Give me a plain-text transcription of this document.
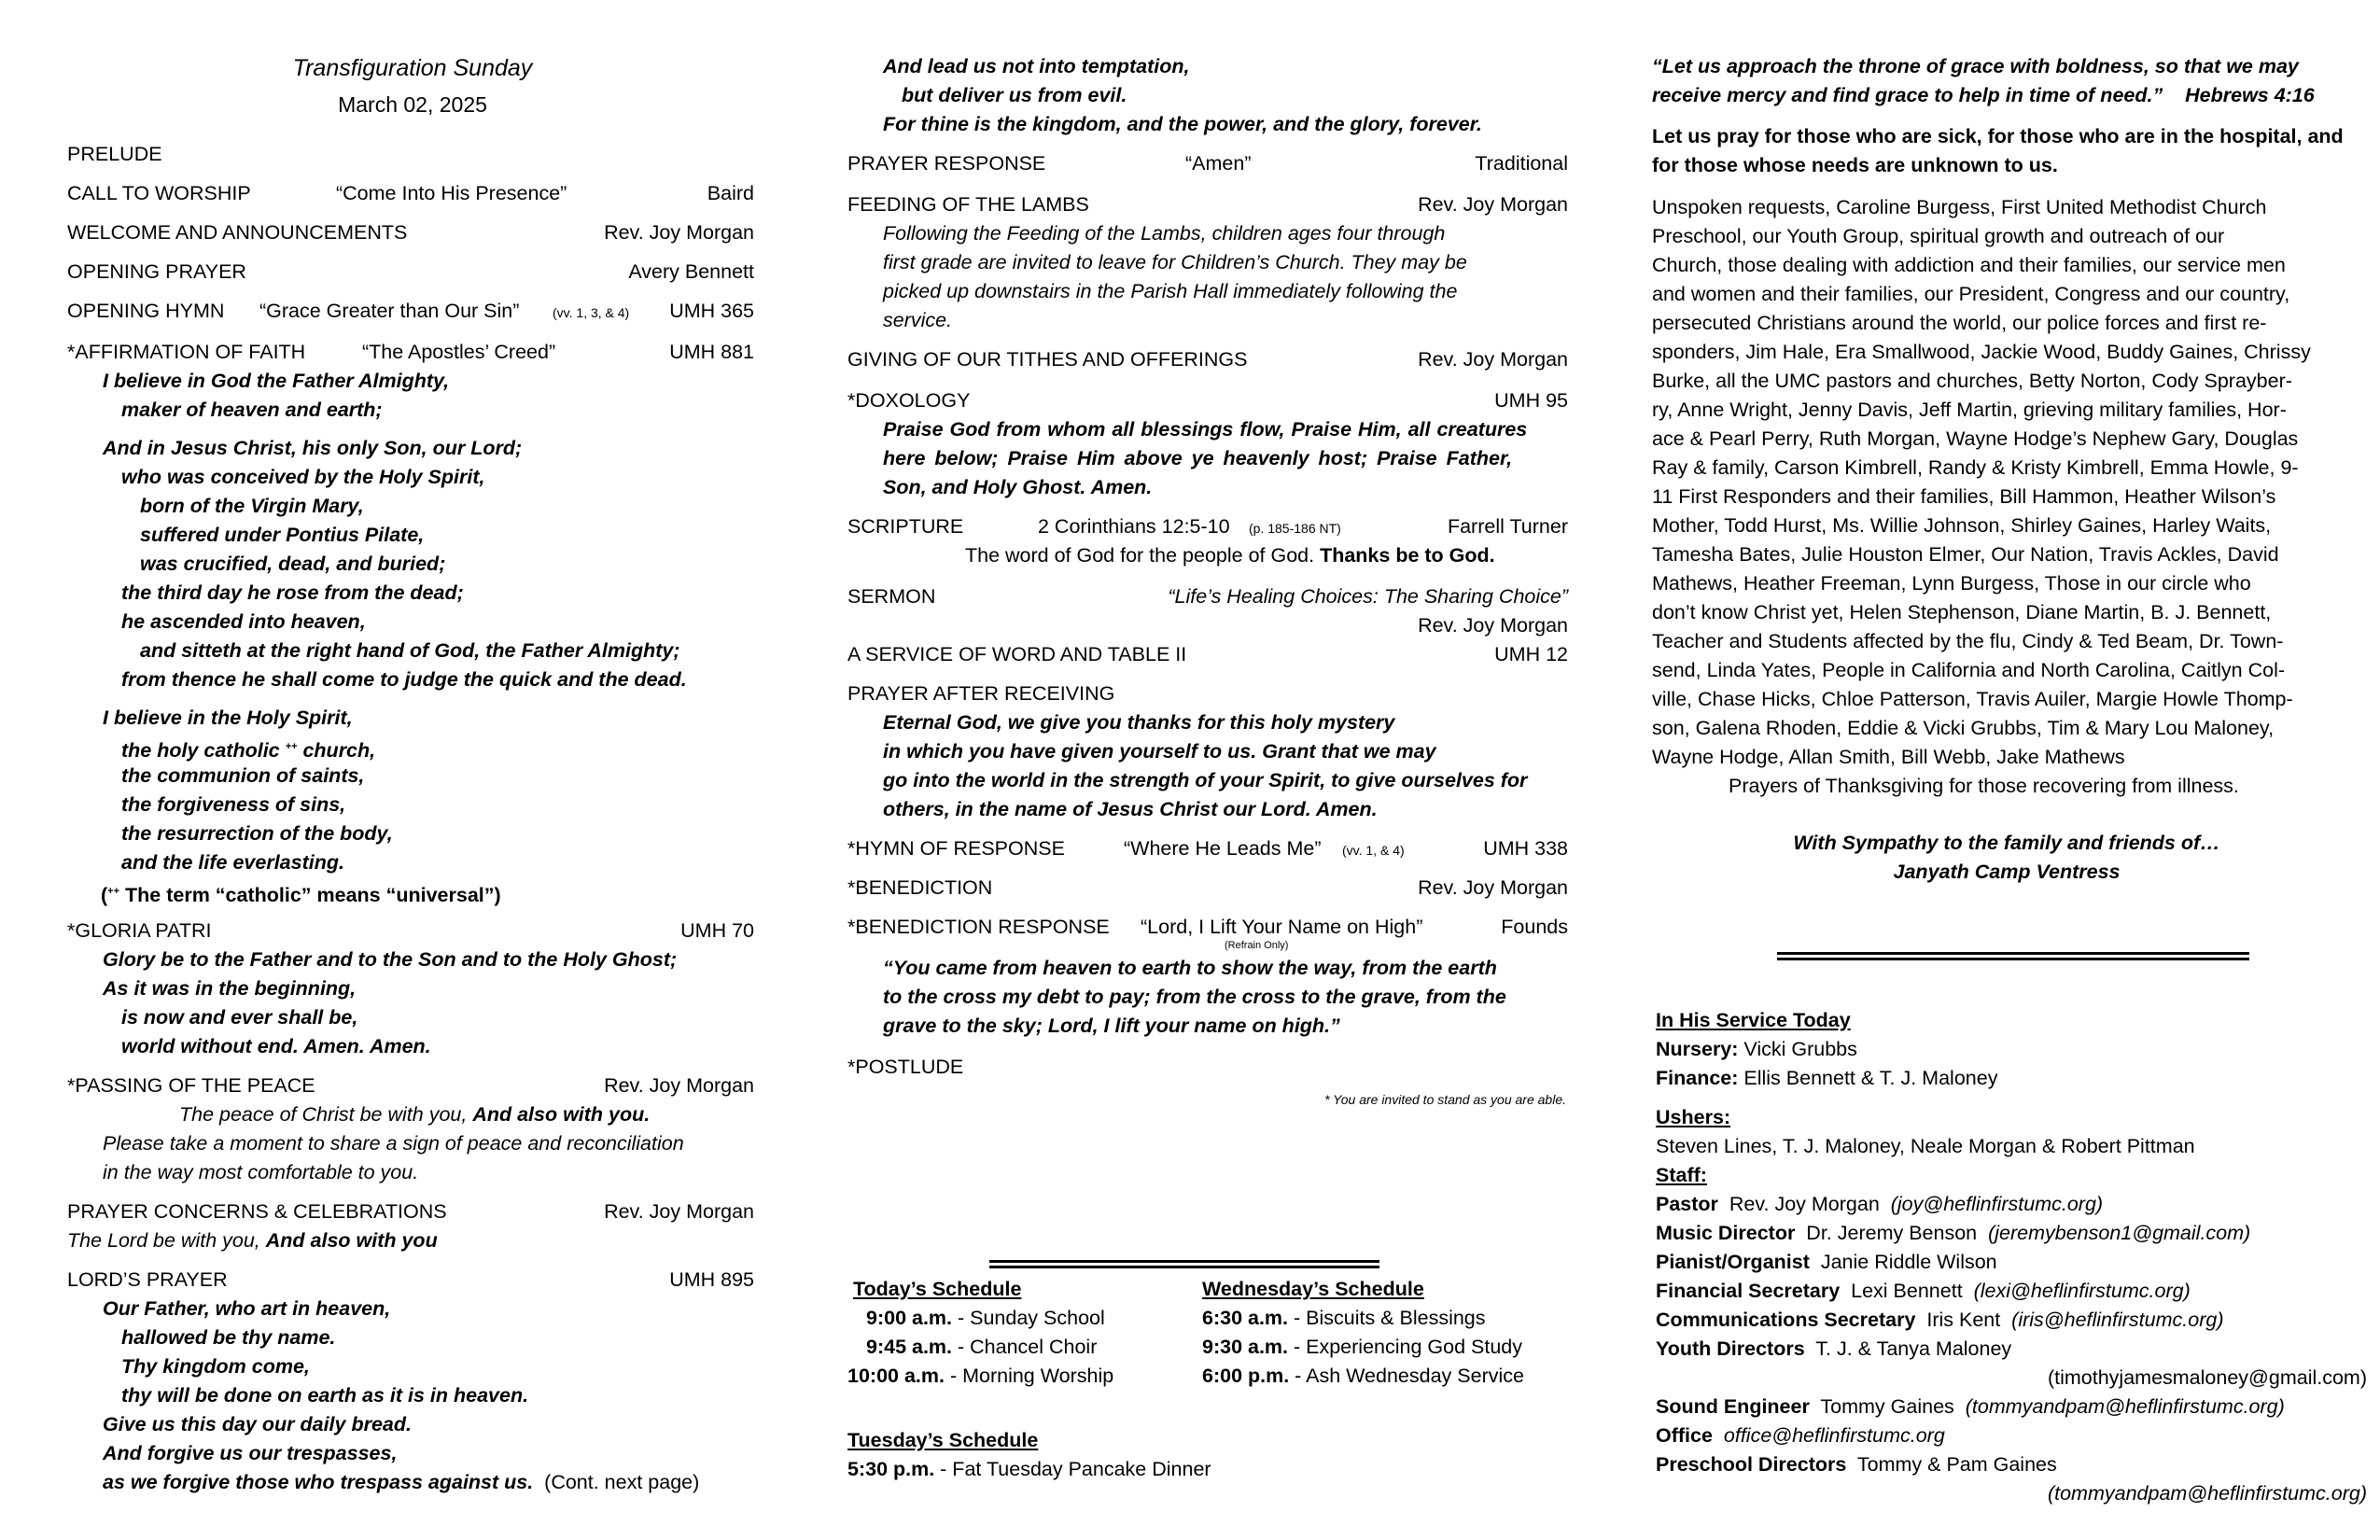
Transfiguration Sunday
March 02, 2025
PRELUDE
CALL TO WORSHIP	“Come Into His Presence”	Baird
WELCOME AND ANNOUNCEMENTS	Rev. Joy Morgan
OPENING PRAYER	Avery Bennett
OPENING HYMN “Grace Greater than Our Sin”	(vv. 1, 3, & 4) UMH 365
*AFFIRMATION OF FAITH	“The Apostles’ Creed”	UMH 881
I believe in God the Father Almighty,
maker of heaven and earth;
And in Jesus Christ, his only Son, our Lord;
who was conceived by the Holy Spirit,
born of the Virgin Mary,
suffered under Pontius Pilate,
was crucified, dead, and buried;
the third day he rose from the dead;
he ascended into heaven,
and sitteth at the right hand of God, the Father Almighty;
from thence he shall come to judge the quick and the dead.
I believe in the Holy Spirit,
the holy catholic ++ church,
the communion of saints,
the forgiveness of sins,
the resurrection of the body,
and the life everlasting.
(++ The term “catholic” means “universal”)
*GLORIA PATRI	UMH 70
Glory be to the Father and to the Son and to the Holy Ghost;
As it was in the beginning,
is now and ever shall be,
world without end. Amen. Amen.
*PASSING OF THE PEACE	Rev. Joy Morgan
The peace of Christ be with you, And also with you.
Please take a moment to share a sign of peace and reconciliation
in the way most comfortable to you.
PRAYER CONCERNS & CELEBRATIONS	Rev. Joy Morgan
The Lord be with you, And also with you
LORD’S PRAYER	UMH 895
Our Father, who art in heaven,
hallowed be thy name.
Thy kingdom come,
thy will be done on earth as it is in heaven.
Give us this day our daily bread.
And forgive us our trespasses,
as we forgive those who trespass against us. (Cont. next page)
And lead us not into temptation,
but deliver us from evil.
For thine is the kingdom, and the power, and the glory, forever.
PRAYER RESPONSE	“Amen”	Traditional
FEEDING OF THE LAMBS	Rev. Joy Morgan
Following the Feeding of the Lambs, children ages four through
first grade are invited to leave for Children’s Church. They may be
picked up downstairs in the Parish Hall immediately following the
service.
GIVING OF OUR TITHES AND OFFERINGS	Rev. Joy Morgan
*DOXOLOGY	UMH 95
Praise God from whom all blessings flow, Praise Him, all creatures
here below; Praise Him above ye heavenly host; Praise Father,
Son, and Holy Ghost. Amen.
SCRIPTURE	2 Corinthians 12:5-10 (p. 185-186 NT)	Farrell Turner
The word of God for the people of God. Thanks be to God.
SERMON	“Life’s Healing Choices: The Sharing Choice”
Rev. Joy Morgan
A SERVICE OF WORD AND TABLE II	UMH 12
PRAYER AFTER RECEIVING
Eternal God, we give you thanks for this holy mystery
in which you have given yourself to us. Grant that we may
go into the world in the strength of your Spirit, to give ourselves for
others, in the name of Jesus Christ our Lord. Amen.
*HYMN OF RESPONSE	“Where He Leads Me” (vv. 1, & 4)	UMH 338
*BENEDICTION	Rev. Joy Morgan
*BENEDICTION RESPONSE “Lord, I Lift Your Name on High”	Founds
(Refrain Only)
“You came from heaven to earth to show the way, from the earth
to the cross my debt to pay; from the cross to the grave, from the
grave to the sky; Lord, I lift your name on high.”
*POSTLUDE
* You are invited to stand as you are able.
Today’s Schedule
9:00 a.m. - Sunday School
9:45 a.m. - Chancel Choir
10:00 a.m. - Morning Worship
Wednesday’s Schedule
6:30 a.m. - Biscuits & Blessings
9:30 a.m. - Experiencing God Study
6:00 p.m. - Ash Wednesday Service
Tuesday’s Schedule
5:30 p.m. - Fat Tuesday Pancake Dinner
“Let us approach the throne of grace with boldness, so that we may
receive mercy and find grace to help in time of need.” Hebrews 4:16
Let us pray for those who are sick, for those who are in the hospital, and
for those whose needs are unknown to us.
Unspoken requests, Caroline Burgess, First United Methodist Church
Preschool, our Youth Group, spiritual growth and outreach of our
Church, those dealing with addiction and their families, our service men
and women and their families, our President, Congress and our country,
persecuted Christians around the world, our police forces and first re-
sponders, Jim Hale, Era Smallwood, Jackie Wood, Buddy Gaines, Chrissy
Burke, all the UMC pastors and churches, Betty Norton, Cody Sprayber-
ry, Anne Wright, Jenny Davis, Jeff Martin, grieving military families, Hor-
ace & Pearl Perry, Ruth Morgan, Wayne Hodge’s Nephew Gary, Douglas
Ray & family, Carson Kimbrell, Randy & Kristy Kimbrell, Emma Howle, 9-
11 First Responders and their families, Bill Hammon, Heather Wilson’s
Mother, Todd Hurst, Ms. Willie Johnson, Shirley Gaines, Harley Waits,
Tamesha Bates, Julie Houston Elmer, Our Nation, Travis Ackles, David
Mathews, Heather Freeman, Lynn Burgess, Those in our circle who
don’t know Christ yet, Helen Stephenson, Diane Martin, B. J. Bennett,
Teacher and Students affected by the flu, Cindy & Ted Beam, Dr. Town-
send, Linda Yates, People in California and North Carolina, Caitlyn Col-
ville, Chase Hicks, Chloe Patterson, Travis Auiler, Margie Howle Thomp-
son, Galena Rhoden, Eddie & Vicki Grubbs, Tim & Mary Lou Maloney,
Wayne Hodge, Allan Smith, Bill Webb, Jake Mathews
Prayers of Thanksgiving for those recovering from illness.
With Sympathy to the family and friends of…
Janyath Camp Ventress
In His Service Today
Nursery: Vicki Grubbs
Finance: Ellis Bennett & T. J. Maloney
Ushers:
Steven Lines, T. J. Maloney, Neale Morgan & Robert Pittman
Staff:
Pastor  Rev. Joy Morgan  (joy@heflinfirstumc.org)
Music Director  Dr. Jeremy Benson  (jeremybenson1@gmail.com)
Pianist/Organist  Janie Riddle Wilson
Financial Secretary  Lexi Bennett  (lexi@heflinfirstumc.org)
Communications Secretary  Iris Kent  (iris@heflinfirstumc.org)
Youth Directors  T. J. & Tanya Maloney
(timothyjamesmaloney@gmail.com)
Sound Engineer  Tommy Gaines  (tommyandpam@heflinfirstumc.org)
Office office@heflinfirstumc.org
Preschool Directors  Tommy & Pam Gaines
(tommyandpam@heflinfirstumc.org)
